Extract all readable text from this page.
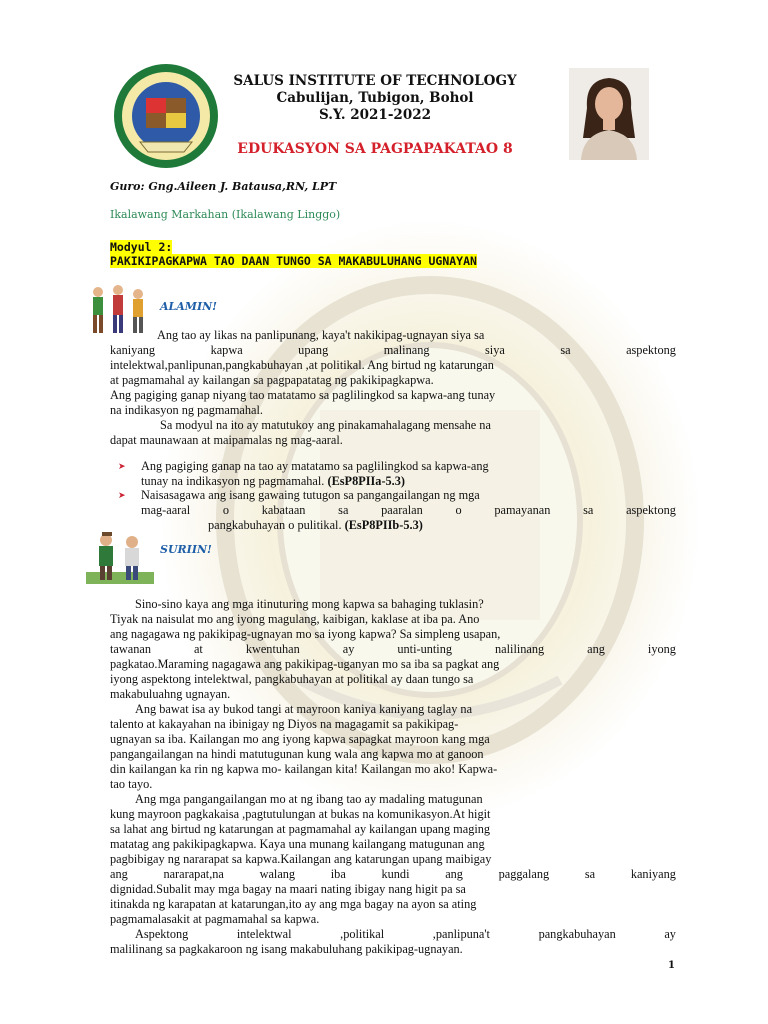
SALUS INSTITUTE OF TECHNOLOGY
Cabulijan, Tubigon, Bohol
S.Y. 2021-2022
EDUKASYON SA PAGPAPAKATAO 8
Guro: Gng.Aileen J. Batausa,RN, LPT
Ikalawang Markahan (Ikalawang Linggo)
Modyul 2:
PAKIKIPAGKAPWA TAO DAAN TUNGO SA MAKABULUHANG UGNAYAN
ALAMIN!
Ang tao ay likas na panlipunang, kaya't nakikipag-ugnayan siya sa
kaniyang	kapwa	upang	malinang	siya	sa	aspektong
intelektwal,panlipunan,pangkabuhayan ,at politikal. Ang birtud ng katarungan
at pagmamahal ay kailangan sa pagpapatatag ng pakikipagkapwa.
Ang pagiging ganap niyang tao matatamo sa paglilingkod sa kapwa-ang tunay
na indikasyon ng pagmamahal.
Sa modyul na ito ay matutukoy ang pinakamahalagang mensahe na
dapat maunawaan at maipamalas ng mag-aaral.
➤ Ang pagiging ganap na tao ay matatamo sa paglilingkod sa kapwa-ang
tunay na indikasyon ng pagmamahal. (EsP8PIIa-5.3)
➤ Naisasagawa ang isang gawaing tutugon sa pangangailangan ng mga
mag-aaral	o	kabataan	sa	paaralan	o	pamayanan	sa	aspektong
pangkabuhayan o pulitikal. (EsP8PIIb-5.3)
SURIIN!
Sino-sino kaya ang mga itinuturing mong kapwa sa bahaging tuklasin?
Tiyak na naisulat mo ang iyong magulang, kaibigan, kaklase at iba pa. Ano
ang nagagawa ng pakikipag-ugnayan mo sa iyong kapwa? Sa simpleng usapan,
tawanan	at	kwentuhan	ay	unti-unting	nalilinang	ang	iyong
pagkatao.Maraming nagagawa ang pakikipag-uganyan mo sa iba sa pagkat ang
iyong aspektong intelektwal, pangkabuhayan at politikal ay daan tungo sa
makabuluahng ugnayan.
Ang bawat isa ay bukod tangi at mayroon kaniya kaniyang taglay na
talento at kakayahan na ibinigay ng Diyos na magagamit sa pakikipag-
ugnayan sa iba. Kailangan mo ang iyong kapwa sapagkat mayroon kang mga
pangangailangan na hindi matutugunan kung wala ang kapwa mo at ganoon
din kailangan ka rin ng kapwa mo- kailangan kita! Kailangan mo ako! Kapwa-
tao tayo.
Ang mga pangangailangan mo at ng ibang tao ay madaling matugunan
kung mayroon pagkakaisa ,pagtutulungan at bukas na komunikasyon.At higit
sa lahat ang birtud ng katarungan at pagmamahal ay kailangan upang maging
matatag ang pakikipagkapwa. Kaya una munang kailangang matugunan ang
pagbibigay ng nararapat sa kapwa.Kailangan ang katarungan upang maibigay
ang	nararapat,na	walang	iba	kundi	ang	paggalang	sa	kaniyang
dignidad.Subalit may mga bagay na maari nating ibigay nang higit pa sa
itinakda ng karapatan at katarungan,ito ay ang mga bagay na ayon sa ating
pagmamalasakit at pagmamahal sa kapwa.
Aspektong	intelektwal	,politikal	,panlipuna't	pangkabuhayan	ay
malilinang sa pagkakaroon ng isang makabuluhang pakikipag-ugnayan.
1
